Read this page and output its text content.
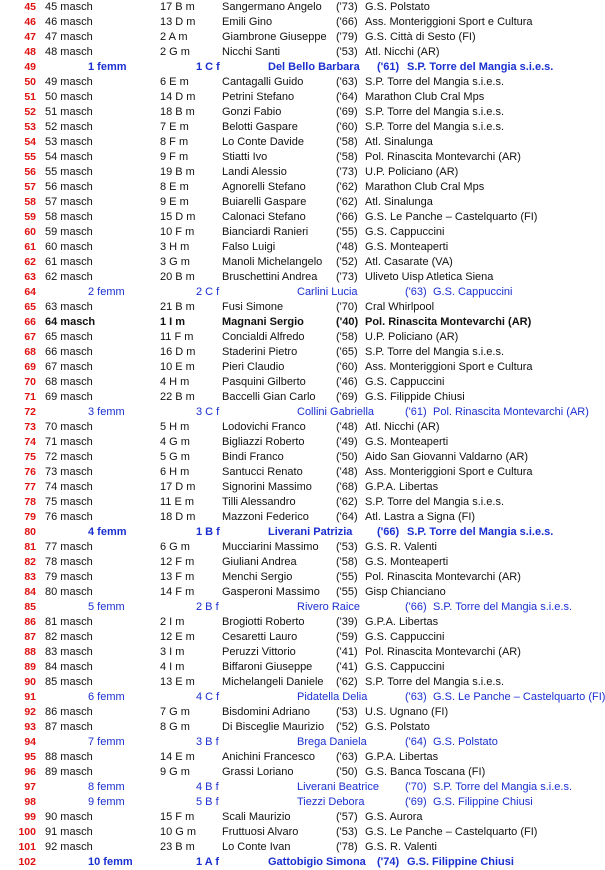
45 45 masch	17 B m Sangermano Angelo ('73) G.S. Polstato
46 46 masch	13 D m Emili Gino	('66) Ass. Monteriggioni Sport e Cultura
47 47 masch	2 A m	Giambrone Giuseppe ('79) G.S. Città di Sesto (FI)
48 48 masch	2 G m	Nicchi Santi	('53) Atl. Nicchi (AR)
49	1 femm	1 C f	Del Bello Barbara ('61) S.P. Torre del Mangia s.i.e.s.
50 49 masch	6 E m	Cantagalli Guido	('63) S.P. Torre del Mangia s.i.e.s.
51 50 masch	14 D m Petrini Stefano	('64) Marathon Club Cral Mps
52 51 masch	18 B m Gonzi Fabio	('69) S.P. Torre del Mangia s.i.e.s.
53 52 masch	7 E m	Belotti Gaspare	('60) S.P. Torre del Mangia s.i.e.s.
54 53 masch	8 F m	Lo Conte Davide	('58) Atl. Sinalunga
55 54 masch	9 F m	Stiatti Ivo	('58) Pol. Rinascita Montevarchi (AR)
56 55 masch	19 B m Landi Alessio	('73) U.P. Policiano (AR)
57 56 masch	8 E m	Agnorelli Stefano	('62) Marathon Club Cral Mps
58 57 masch	9 E m	Buiarelli Gaspare	('62) Atl. Sinalunga
59 58 masch	15 D m Calonaci Stefano	('66) G.S. Le Panche – Castelquarto (FI)
60 59 masch	10 F m	Bianciardi Ranieri	('55) G.S. Cappuccini
61 60 masch	3 H m	Falso Luigi	('48) G.S. Monteaperti
62 61 masch	3 G m	Manoli Michelangelo ('52) Atl. Casarate (VA)
63 62 masch	20 B m Bruschettini Andrea ('73) Uliveto Uisp Atletica Siena
64	2 femm	2 C f	Carlini Lucia	('63) G.S. Cappuccini
65 63 masch	21 B m Fusi Simone	('70) Cral Whirlpool
66 64 masch	1 I m	Magnani Sergio	('40) Pol. Rinascita Montevarchi (AR)
67 65 masch	11 F m	Concialdi Alfredo	('58) U.P. Policiano (AR)
68 66 masch	16 D m Staderini Pietro	('65) S.P. Torre del Mangia s.i.e.s.
69 67 masch	10 E m Pieri Claudio	('60) Ass. Monteriggioni Sport e Cultura
70 68 masch	4 H m	Pasquini Gilberto	('46) G.S. Cappuccini
71 69 masch	22 B m Baccelli Gian Carlo ('69) G.S. Filippide Chiusi
72	3 femm	3 C f	Collini Gabriella	('61) Pol. Rinascita Montevarchi (AR)
73 70 masch	5 H m	Lodovichi Franco	('48) Atl. Nicchi (AR)
74 71 masch	4 G m	Bigliazzi Roberto	('49) G.S. Monteaperti
75 72 masch	5 G m	Bindi Franco	('50) Aido San Giovanni Valdarno (AR)
76 73 masch	6 H m	Santucci Renato	('48) Ass. Monteriggioni Sport e Cultura
77 74 masch	17 D m Signorini Massimo ('68) G.P.A. Libertas
78 75 masch	11 E m	Tilli Alessandro	('62) S.P. Torre del Mangia s.i.e.s.
79 76 masch	18 D m Mazzoni Federico ('64) Atl. Lastra a Signa (FI)
80	4 femm	1 B f	Liverani Patrizia ('66) S.P. Torre del Mangia s.i.e.s.
81 77 masch	6 G m	Mucciarini Massimo ('53) G.S. R. Valenti
82 78 masch	12 F m	Giuliani Andrea	('58) G.S. Monteaperti
83 79 masch	13 F m	Menchi Sergio	('55) Pol. Rinascita Montevarchi (AR)
84 80 masch	14 F m	Gasperoni Massimo ('55) Gisp Chianciano
85	5 femm	2 B f	Rivero Raice	('66) S.P. Torre del Mangia s.i.e.s.
86 81 masch	2 I m	Brogiotti Roberto	('39) G.P.A. Libertas
87 82 masch	12 E m Cesaretti Lauro	('59) G.S. Cappuccini
88 83 masch	3 I m	Peruzzi Vittorio	('41) Pol. Rinascita Montevarchi (AR)
89 84 masch	4 I m	Biffaroni Giuseppe ('41) G.S. Cappuccini
90 85 masch	13 E m Michelangeli Daniele ('62) S.P. Torre del Mangia s.i.e.s.
91	6 femm	4 C f	Pidatella Delia	('63) G.S. Le Panche – Castelquarto (FI)
92 86 masch	7 G m	Bisdomini Adriano ('53) U.S. Ugnano (FI)
93 87 masch	8 G m	Di Bisceglie Maurizio ('52) G.S. Polstato
94	7 femm	3 B f	Brega Daniela	('64) G.S. Polstato
95 88 masch	14 E m Anichini Francesco ('63) G.P.A. Libertas
96 89 masch	9 G m	Grassi Loriano	('50) G.S. Banca Toscana (FI)
97	8 femm	4 B f	Liverani Beatrice ('70) S.P. Torre del Mangia s.i.e.s.
98	9 femm	5 B f	Tiezzi Debora	('69) G.S. Filippine Chiusi
99 90 masch	15 F m	Scali Maurizio	('57) G.S. Aurora
100 91 masch	10 G m Fruttuosi Alvaro	('53) G.S. Le Panche – Castelquarto (FI)
101 92 masch	23 B m Lo Conte Ivan	('78) G.S. R. Valenti
102	10 femm	1 A f	Gattobigio Simona ('74) G.S. Filippine Chiusi
